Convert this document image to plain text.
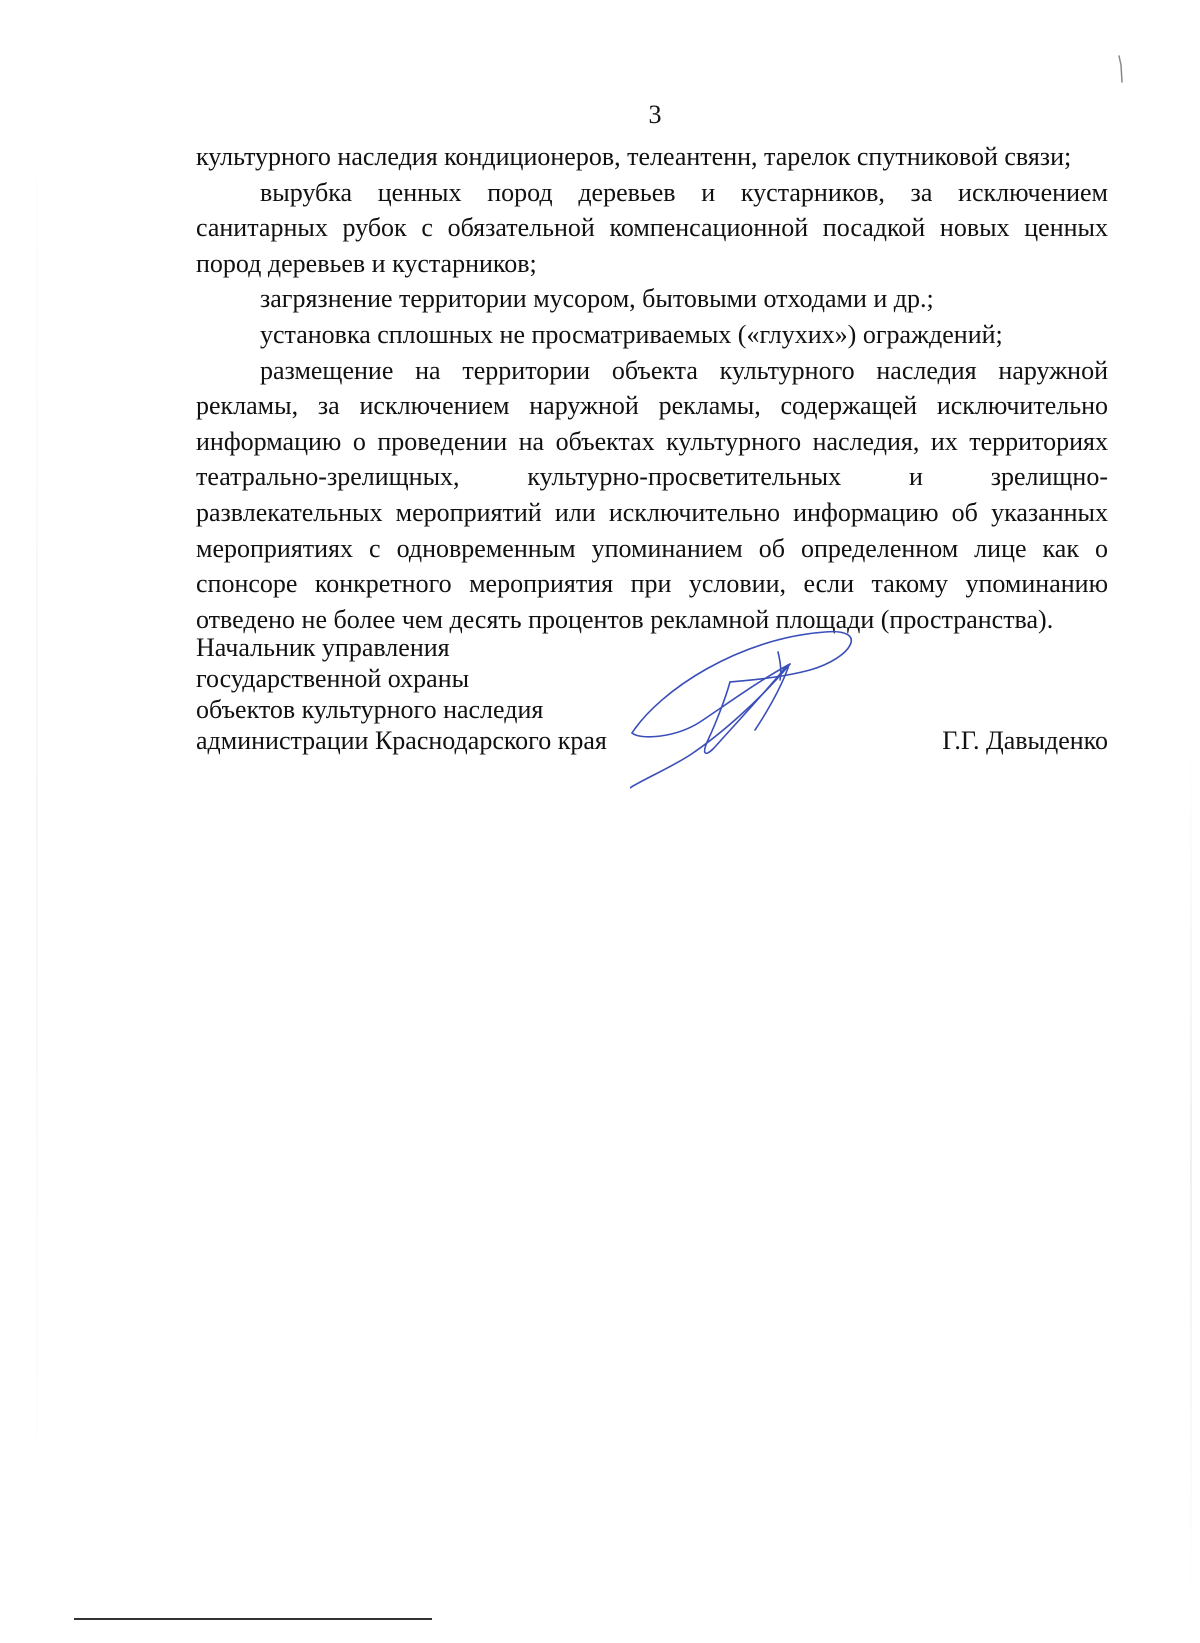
3

культурного наследия кондиционеров, телеантенн, тарелок спутниковой связи;

вырубка ценных пород деревьев и кустарников, за исключением санитарных рубок с обязательной компенсационной посадкой новых ценных пород деревьев и кустарников;

загрязнение территории мусором, бытовыми отходами и др.;

установка сплошных не просматриваемых («глухих») ограждений;

размещение на территории объекта культурного наследия наружной рекламы, за исключением наружной рекламы, содержащей исключительно информацию о проведении на объектах культурного наследия, их территориях театрально-зрелищных, культурно-просветительных и зрелищно-развлекательных мероприятий или исключительно информацию об указанных мероприятиях с одновременным упоминанием об определенном лице как о спонсоре конкретного мероприятия при условии, если такому упоминанию отведено не более чем десять процентов рекламной площади (пространства).

Начальник управления
государственной охраны
объектов культурного наследия
администрации Краснодарского края	Г.Г. Давыденко
